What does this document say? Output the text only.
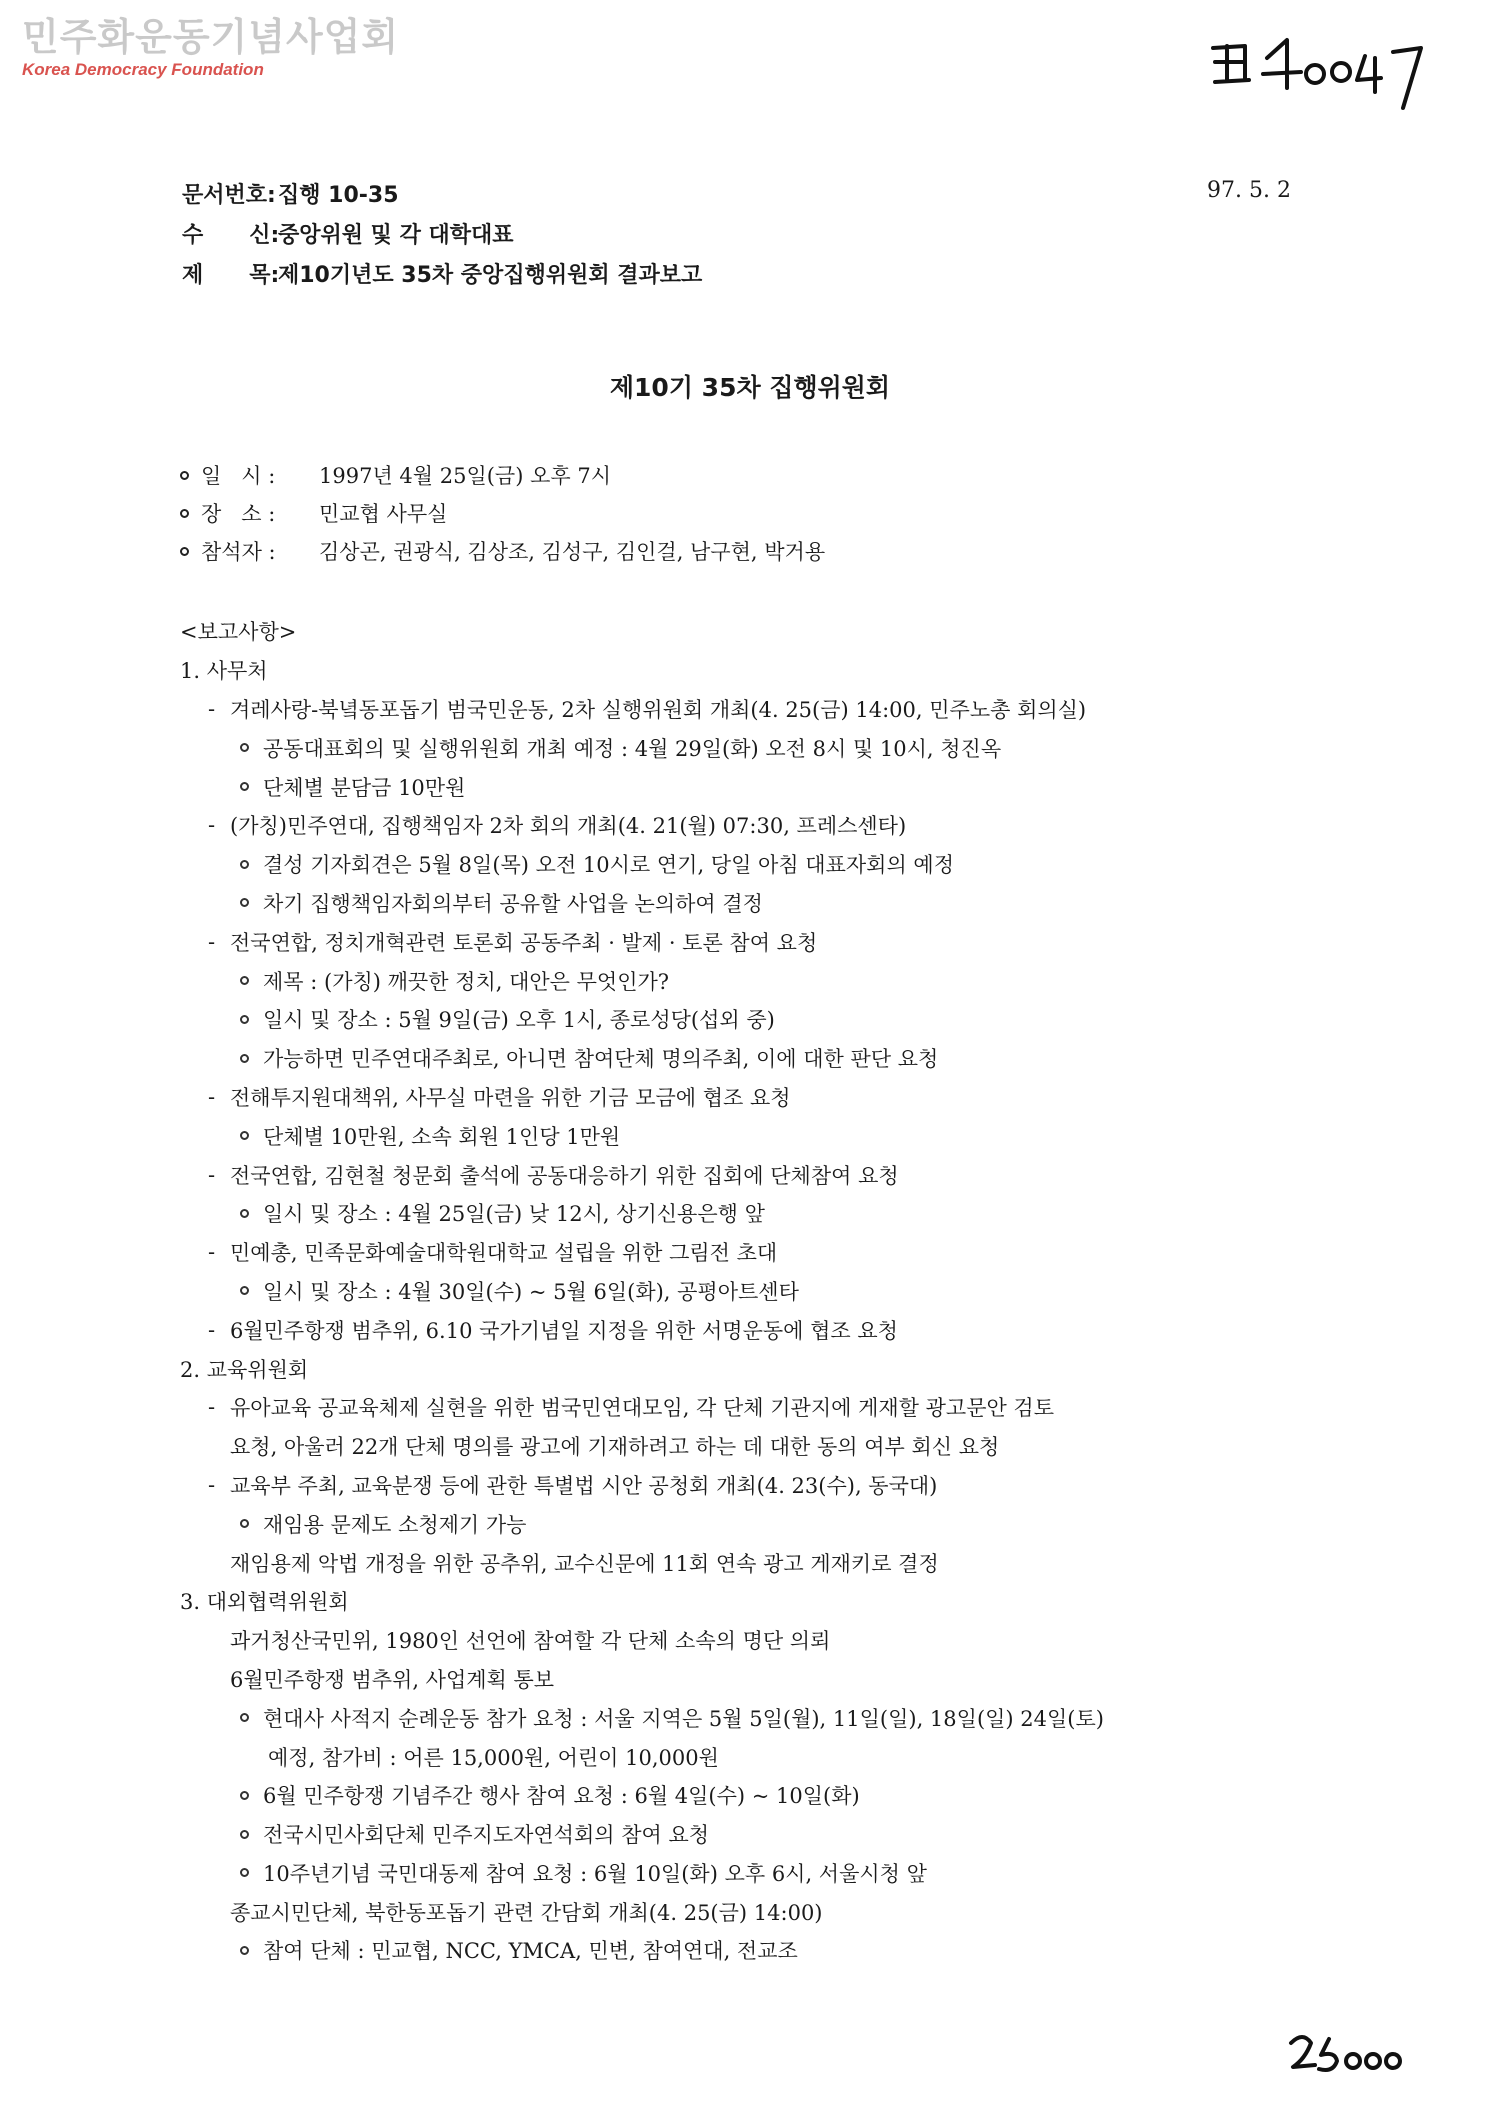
민주화운동기념사업회
Korea Democracy Foundation
문서번호: 집행 10-35
수      신:
중앙위원 및 각 대학대표
제      목:
제10기년도 35차 중앙집행위원회 결과보고
97. 5. 2
제10기 35차 집행위원회
일   시 :	1997년 4월 25일(금) 오후 7시
장   소 :	민교협 사무실
참석자 :	김상곤, 권광식, 김상조, 김성구, 김인걸, 남구현, 박거용
<보고사항>
1. 사무처
- 겨레사랑-북녘동포돕기 범국민운동, 2차 실행위원회 개최(4. 25(금) 14:00, 민주노총 회의실)
공동대표회의 및 실행위원회 개최 예정 : 4월 29일(화) 오전 8시 및 10시, 청진옥
단체별 분담금 10만원
- (가칭)민주연대, 집행책임자 2차 회의 개최(4. 21(월) 07:30, 프레스센타)
결성 기자회견은 5월 8일(목) 오전 10시로 연기, 당일 아침 대표자회의 예정
차기 집행책임자회의부터 공유할 사업을 논의하여 결정
- 전국연합, 정치개혁관련 토론회 공동주최 · 발제 · 토론 참여 요청
제목 : (가칭) 깨끗한 정치, 대안은 무엇인가?
일시 및 장소 : 5월 9일(금) 오후 1시, 종로성당(섭외 중)
가능하면 민주연대주최로, 아니면 참여단체 명의주최, 이에 대한 판단 요청
- 전해투지원대책위, 사무실 마련을 위한 기금 모금에 협조 요청
단체별 10만원, 소속 회원 1인당 1만원
- 전국연합, 김현철 청문회 출석에 공동대응하기 위한 집회에 단체참여 요청
일시 및 장소 : 4월 25일(금) 낮 12시, 상기신용은행 앞
- 민예총, 민족문화예술대학원대학교 설립을 위한 그림전 초대
일시 및 장소 : 4월 30일(수) ~ 5월 6일(화), 공평아트센타
- 6월민주항쟁 범추위, 6.10 국가기념일 지정을 위한 서명운동에 협조 요청
2. 교육위원회
- 유아교육 공교육체제 실현을 위한 범국민연대모임, 각 단체 기관지에 게재할 광고문안 검토
요청, 아울러 22개 단체 명의를 광고에 기재하려고 하는 데 대한 동의 여부 회신 요청
- 교육부 주최, 교육분쟁 등에 관한 특별법 시안 공청회 개최(4. 23(수), 동국대)
재임용 문제도 소청제기 가능
재임용제 악법 개정을 위한 공추위, 교수신문에 11회 연속 광고 게재키로 결정
3. 대외협력위원회
과거청산국민위, 1980인 선언에 참여할 각 단체 소속의 명단 의뢰
6월민주항쟁 범추위, 사업계획 통보
현대사 사적지 순례운동 참가 요청 : 서울 지역은 5월 5일(월), 11일(일), 18일(일) 24일(토)
예정, 참가비 : 어른 15,000원, 어린이 10,000원
6월 민주항쟁 기념주간 행사 참여 요청 : 6월 4일(수) ~ 10일(화)
전국시민사회단체 민주지도자연석회의 참여 요청
10주년기념 국민대동제 참여 요청 : 6월 10일(화) 오후 6시, 서울시청 앞
종교시민단체, 북한동포돕기 관련 간담회 개최(4. 25(금) 14:00)
참여 단체 : 민교협, NCC, YMCA, 민변, 참여연대, 전교조
